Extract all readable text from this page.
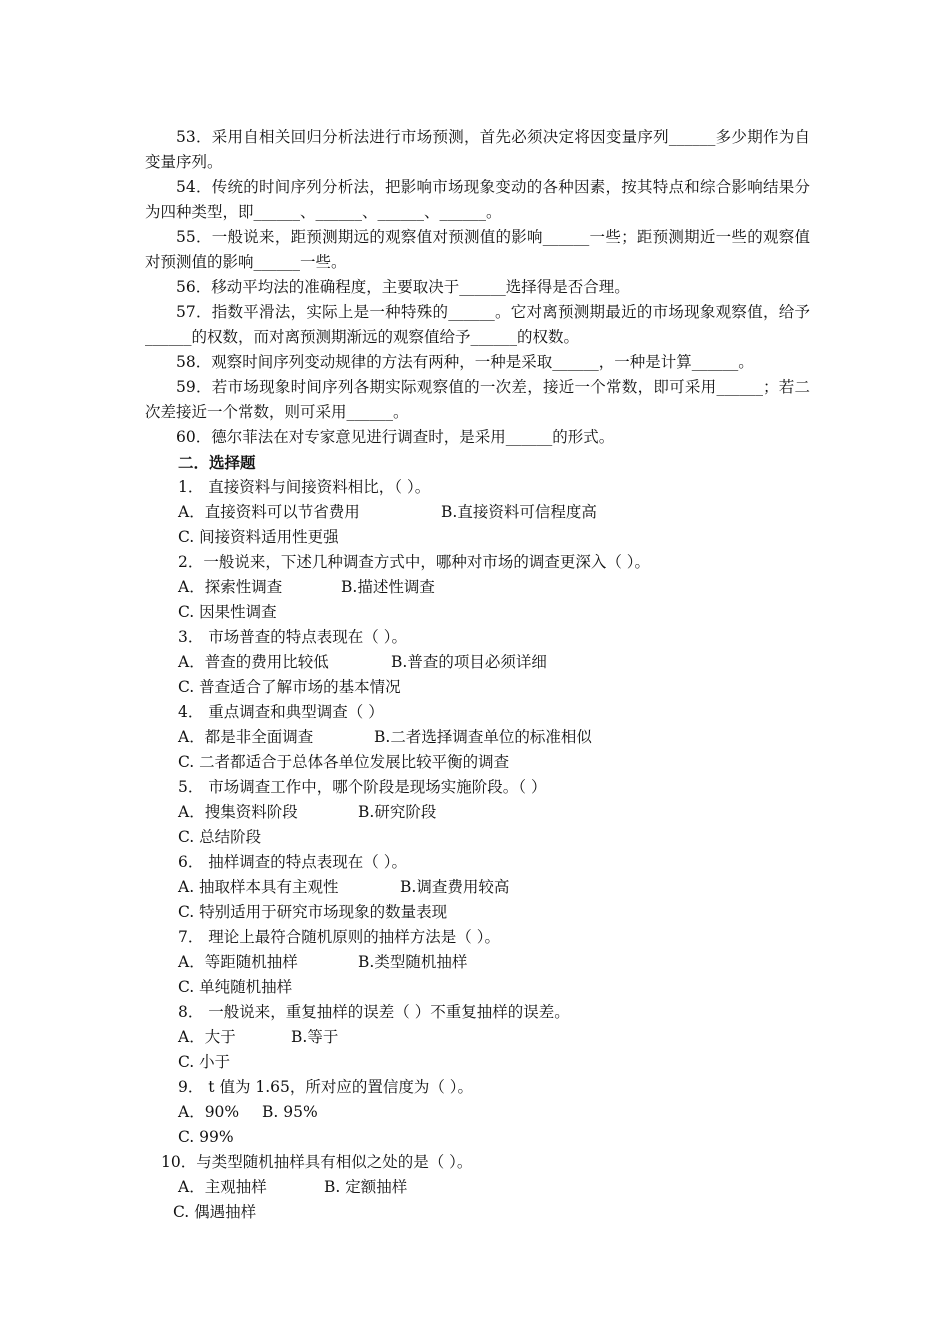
53．采用自相关回归分析法进行市场预测，首先必须决定将因变量序列______多少期作为自变量序列。
54．传统的时间序列分析法，把影响市场现象变动的各种因素，按其特点和综合影响结果分为四种类型，即______、______、______、______。
55．一般说来，距预测期远的观察值对预测值的影响______一些；距预测期近一些的观察值对预测值的影响______一些。
56．移动平均法的准确程度，主要取决于______选择得是否合理。
57．指数平滑法，实际上是一种特殊的______。它对离预测期最近的市场现象观察值，给予______的权数，而对离预测期渐远的观察值给予______的权数。
58．观察时间序列变动规律的方法有两种，一种是采取______，一种是计算______。
59．若市场现象时间序列各期实际观察值的一次差，接近一个常数，即可采用______；若二次差接近一个常数，则可采用______。
60．德尔菲法在对专家意见进行调查时，是采用______的形式。
二．选择题
1． 直接资料与间接资料相比，（ ）。
A．直接资料可以节省费用	B.直接资料可信程度高
C. 间接资料适用性更强
2．一般说来，下述几种调查方式中，哪种对市场的调查更深入（ ）。
A．探索性调查	B.描述性调查
C. 因果性调查
3． 市场普查的特点表现在（ ）。
A．普查的费用比较低	B.普查的项目必须详细
C. 普查适合了解市场的基本情况
4． 重点调查和典型调查（ ）
A．都是非全面调查	B.二者选择调查单位的标准相似
C. 二者都适合于总体各单位发展比较平衡的调查
5． 市场调查工作中，哪个阶段是现场实施阶段。（ ）
A．搜集资料阶段	B.研究阶段
C. 总结阶段
6． 抽样调查的特点表现在（ ）。
A. 抽取样本具有主观性	B.调查费用较高
C. 特别适用于研究市场现象的数量表现
7． 理论上最符合随机原则的抽样方法是（ ）。
A．等距随机抽样	B.类型随机抽样
C. 单纯随机抽样
8． 一般说来，重复抽样的误差（ ）不重复抽样的误差。
A．大于	B.等于
C. 小于
9． t 值为 1.65，所对应的置信度为（ ）。
A．90% B. 95%
C. 99%
10．与类型随机抽样具有相似之处的是（ ）。
A．主观抽样	B. 定额抽样
C. 偶遇抽样
